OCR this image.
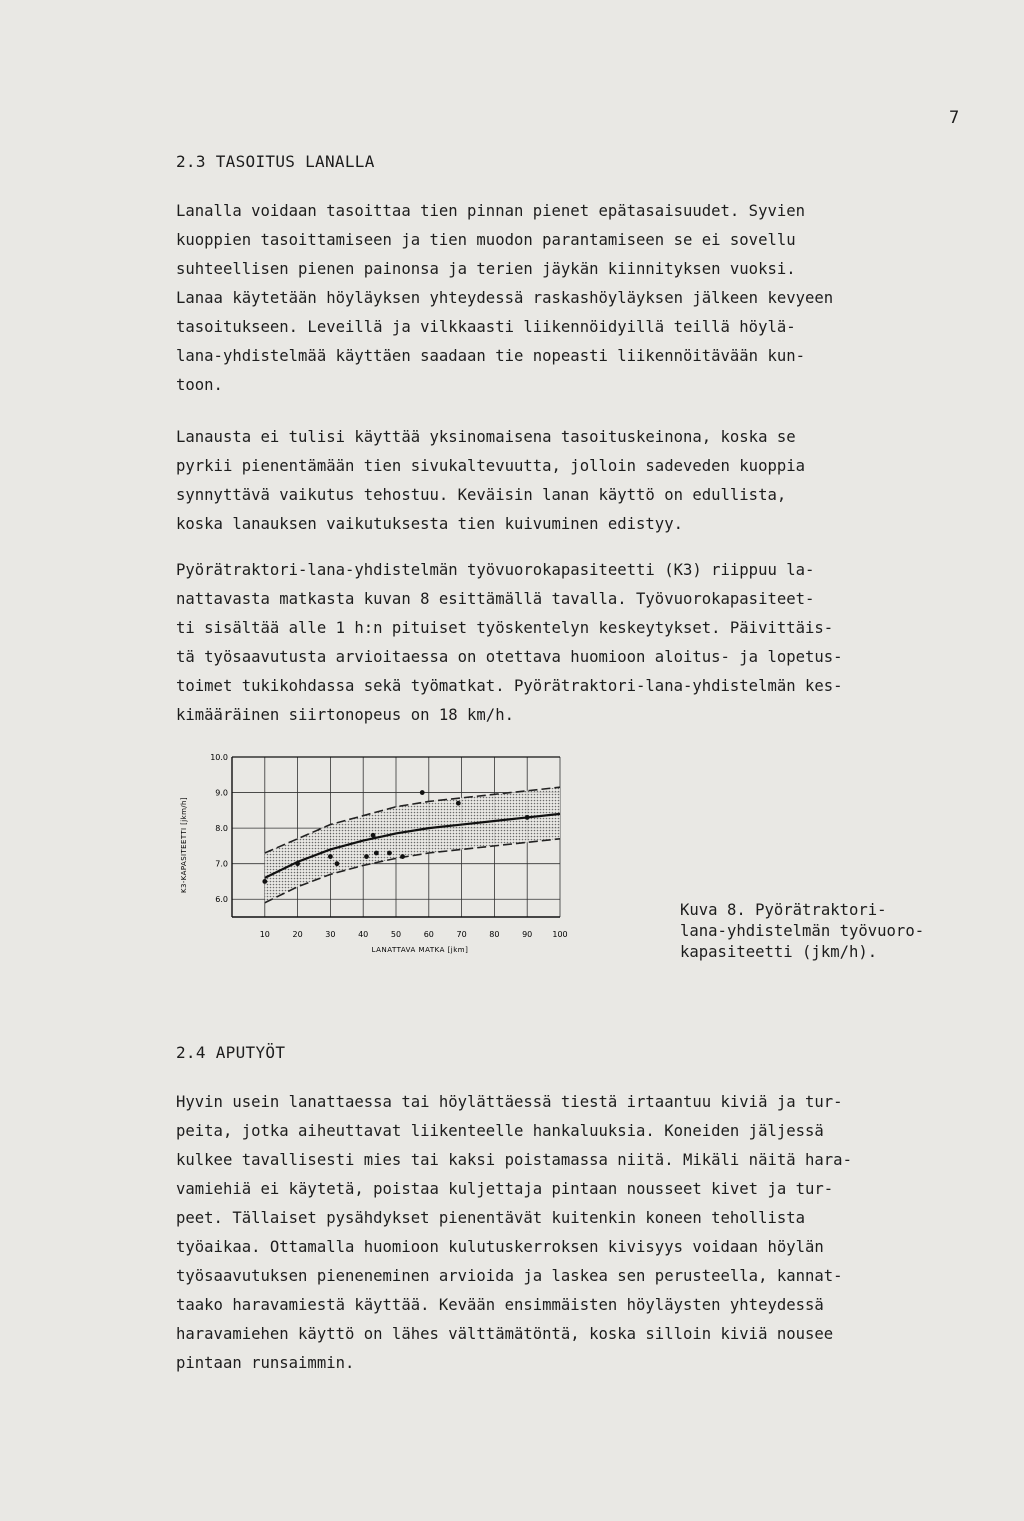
7
2.3 TASOITUS LANALLA

Lanalla voidaan tasoittaa tien pinnan pienet epätasaisuudet. Syvien
kuoppien tasoittamiseen ja tien muodon parantamiseen se ei sovellu
suhteellisen pienen painonsa ja terien jäykän kiinnityksen vuoksi.
Lanaa käytetään höyläyksen yhteydessä raskashöyläyksen jälkeen kevyeen
tasoitukseen. Leveillä ja vilkkaasti liikennöidyillä teillä höylä-
lana-yhdistelmää käyttäen saadaan tie nopeasti liikennöitävään kun-
toon.

Lanausta ei tulisi käyttää yksinomaisena tasoituskeinona, koska se
pyrkii pienentämään tien sivukaltevuutta, jolloin sadeveden kuoppia
synnyttävä vaikutus tehostuu. Keväisin lanan käyttö on edullista,
koska lanauksen vaikutuksesta tien kuivuminen edistyy.

Pyörätraktori-lana-yhdistelmän työvuorokapasiteetti (K3) riippuu la-
nattavasta matkasta kuvan 8 esittämällä tavalla. Työvuorokapasiteet-
ti sisältää alle 1 h:n pituiset työskentelyn keskeytykset. Päivittäis-
tä työsaavutusta arvioitaessa on otettava huomioon aloitus- ja lopetus-
toimet tukikohdassa sekä työmatkat. Pyörätraktori-lana-yhdistelmän kes-
kimääräinen siirtonopeus on 18 km/h.

10	20	30	40	50	60	70	80	90	100
6.0
7.0
8.0
9.0
10.0
LANATTAVA MATKA [jkm]
K3-KAPASITEETTI [jkm/h]

Kuva 8. Pyörätraktori-
lana-yhdistelmän työvuoro-
kapasiteetti (jkm/h).

2.4 APUTYÖT

Hyvin usein lanattaessa tai höylättäessä tiestä irtaantuu kiviä ja tur-
peita, jotka aiheuttavat liikenteelle hankaluuksia. Koneiden jäljessä
kulkee tavallisesti mies tai kaksi poistamassa niitä. Mikäli näitä hara-
vamiehiä ei käytetä, poistaa kuljettaja pintaan nousseet kivet ja tur-
peet. Tällaiset pysähdykset pienentävät kuitenkin koneen tehollista
työaikaa. Ottamalla huomioon kulutuskerroksen kivisyys voidaan höylän
työsaavutuksen pieneneminen arvioida ja laskea sen perusteella, kannat-
taako haravamiestä käyttää. Kevään ensimmäisten höyläysten yhteydessä
haravamiehen käyttö on lähes välttämätöntä, koska silloin kiviä nousee
pintaan runsaimmin.
